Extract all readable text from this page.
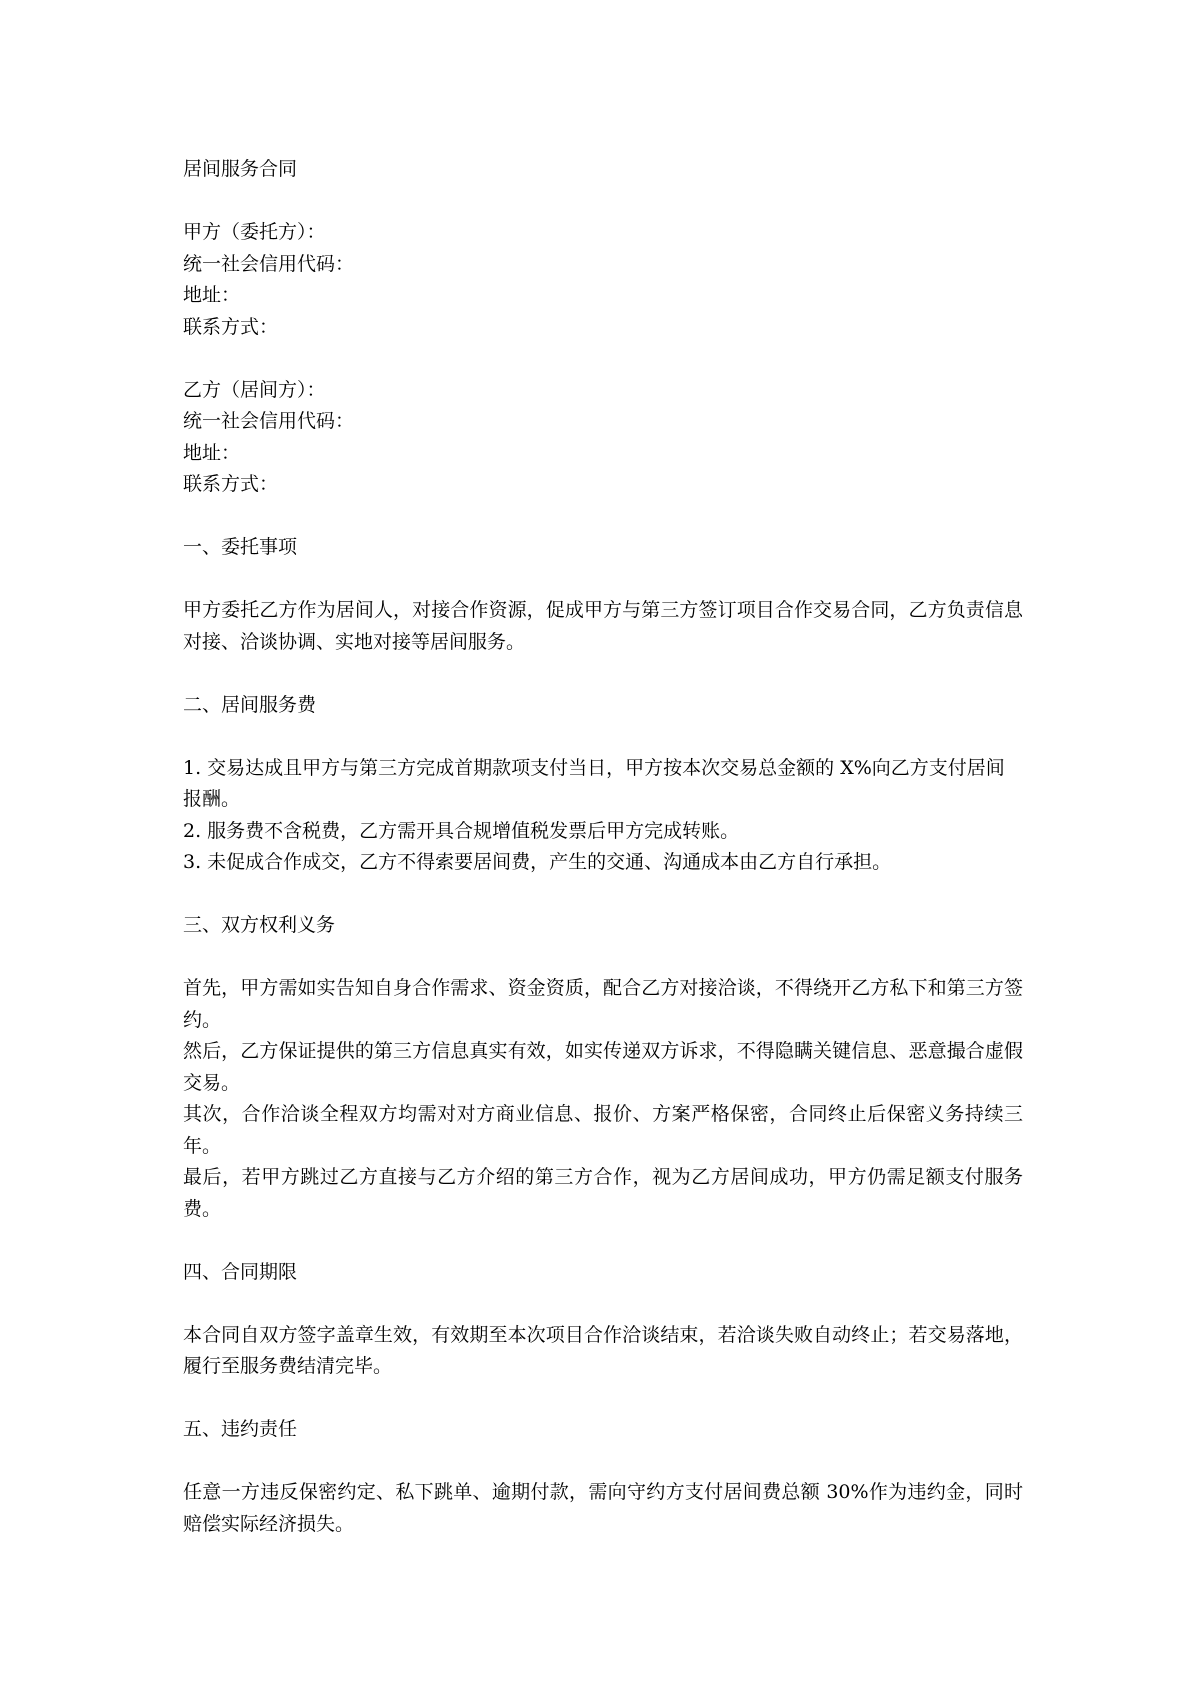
居间服务合同

甲方（委托方）：

统一社会信用代码：

地址：

联系方式：

乙方（居间方）：

统一社会信用代码：

地址：

联系方式：

一、委托事项

甲方委托乙方作为居间人，对接合作资源，促成甲方与第三方签订项目合作交易合同，乙方负责信息对接、洽谈协调、实地对接等居间服务。

二、居间服务费

1. 交易达成且甲方与第三方完成首期款项支付当日，甲方按本次交易总金额的 X%向乙方支付居间报酬。

2. 服务费不含税费，乙方需开具合规增值税发票后甲方完成转账。

3. 未促成合作成交，乙方不得索要居间费，产生的交通、沟通成本由乙方自行承担。

三、双方权利义务

首先，甲方需如实告知自身合作需求、资金资质，配合乙方对接洽谈，不得绕开乙方私下和第三方签约。

然后，乙方保证提供的第三方信息真实有效，如实传递双方诉求，不得隐瞒关键信息、恶意撮合虚假交易。

其次，合作洽谈全程双方均需对对方商业信息、报价、方案严格保密，合同终止后保密义务持续三年。

最后，若甲方跳过乙方直接与乙方介绍的第三方合作，视为乙方居间成功，甲方仍需足额支付服务费。

四、合同期限

本合同自双方签字盖章生效，有效期至本次项目合作洽谈结束，若洽谈失败自动终止；若交易落地，履行至服务费结清完毕。

五、违约责任

任意一方违反保密约定、私下跳单、逾期付款，需向守约方支付居间费总额 30%作为违约金，同时赔偿实际经济损失。
